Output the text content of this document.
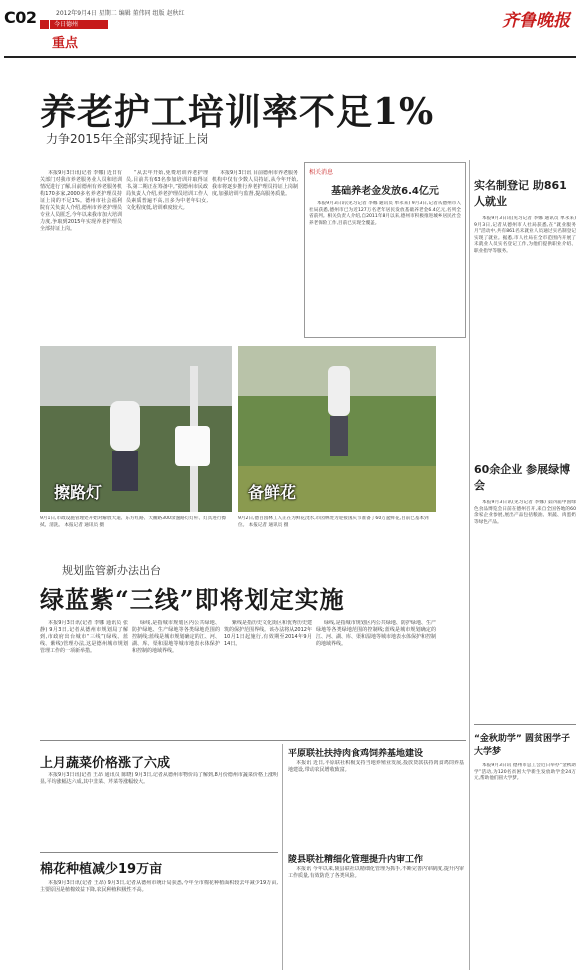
C02	2012年9月4日 星期二 编辑 董伟同 组版 赵秋红
今日德州
重点
齐鲁晚报
养老护工培训率不足1%
力争2015年全部实现持证上岗
本报9月3日讯(记者 李娜) 近日有关部门对我市养老服务业人员和培训情况进行了解,目前德州有养老服务机构170多家,2000多名养老护理员持证上岗的不足1%。德州市社会福利院有关负责人介绍,德州市养老护理员专业人员匮乏,今年以来我市加大培训力度,争取到2015年实现养老护理员全部持证上岗。
“从去年开始,免费培训养老护理员,目前共有63名参加培训并取得证书,第二期正在筹备中。”据德州市民政局负责人介绍,养老护理员培训工作人员素质普遍不高,且多为中老年妇女,文化程度低,培训难度较大。
本报9月3日讯 目前德州市养老服务机构中仅有少数人员持证,从今年开始,我市将逐步推行养老护理员持证上岗制度,加强培训与监督,提高服务质量。
相关消息
基础养老金发放6.4亿元
本报9月3日讯(见习记者 李娜 通讯员 单永来) 9月3日,记者从德州市人社局获悉,德州市已为近127万名老年居民发放基础养老金6.4亿元,名列全省前列。相关负责人介绍,自2011年8月以来,德州市积极推进城乡居民社会养老保险工作,目前已实现全覆盖。
擦路灯	备鲜花
9月1日,市政设施管理处开始对解放大道、东方红路、天衢路300余盏路灯灯杆、灯具进行擦拭、清洗。 本报记者 通讯员 摄
9月2日,德百园林工人正在为鲜花浇水,市园林处为迎接国庆节准备了60万盆鲜花,目前已基本到位。 本报记者 通讯员 摄
规划监管新办法出台
绿蓝紫“三线”即将划定实施
本报9月3日讯(记者 李娜 通讯员 张静) 9月3日,记者从德州市规划局了解到,市政府出台城市“三线”(绿线、蓝线、紫线)管理办法,这是德州城市规划管理工作的一项新举措。
绿线,是指城市规划区内公共绿地、防护绿地、生产绿地等各类绿地范围的控制线;蓝线是城市规划确定的江、河、湖、库、渠和湿地等城市地表水体保护和控制的地域界线。
紫线是指历史文化街区和优秀历史建筑的保护范围界线。该办法将从2012年10月1日起施行,有效期至2014年9月14日。
绿线,是指城市规划区内公共绿地、防护绿地、生产绿地等各类绿地范围的控制线;蓝线是城市规划确定的江、河、湖、库、渠和湿地等城市地表水体保护和控制的地域界线。
实名制登记 助861人就业
本报9月3日讯(见习记者 李娜 通讯员 单永来) 9月3日,记者从德州市人社局获悉,在“就业服务月”活动中,共有861名未就业人员通过实名制登记实现了就业。据悉,市人社局在全市范围内开展了未就业人员实名登记工作,为他们提供职业介绍、职业指导等服务。
60余企业 参展绿博会
本报9月3日讯(见习记者 李娜) 第四届中国绿色食品博览会日前在德州召开,来自全国各地的60余家企业参展,展出产品包括粮油、果蔬、肉蛋奶等绿色产品。
“金秋助学” 圆贫困学子大学梦
本报9月3日讯 德州市总工会近日举办“金秋助学”活动,为120名贫困大学新生发放助学金24万元,帮助他们圆大学梦。
上月蔬菜价格涨了六成
本报9月3日讯(记者 王昂 通讯员 陈晓) 9月3日,记者从德州市物价局了解到,8月份德州市蔬菜价格上涨明显,平均涨幅达六成,其中韭菜、芹菜等涨幅较大。
棉花种植减少19万亩
本报9月3日讯(记者 王昂) 9月3日,记者从德州市统计局获悉,今年全市棉花种植面积较去年减少19万亩,主要原因是植棉效益下降,农民种植积极性不高。
平原联社扶持肉食鸡饲养基地建设
本报讯 近日,平原联社积极支持当地养殖业发展,投放贷款扶持肉食鸡饲养基地建设,带动农民增收致富。
陵县联社精细化管理提升内审工作
本报讯 今年以来,陵县联社以精细化管理为抓手,不断完善内审制度,提升内审工作质量,有效防范了各类风险。
